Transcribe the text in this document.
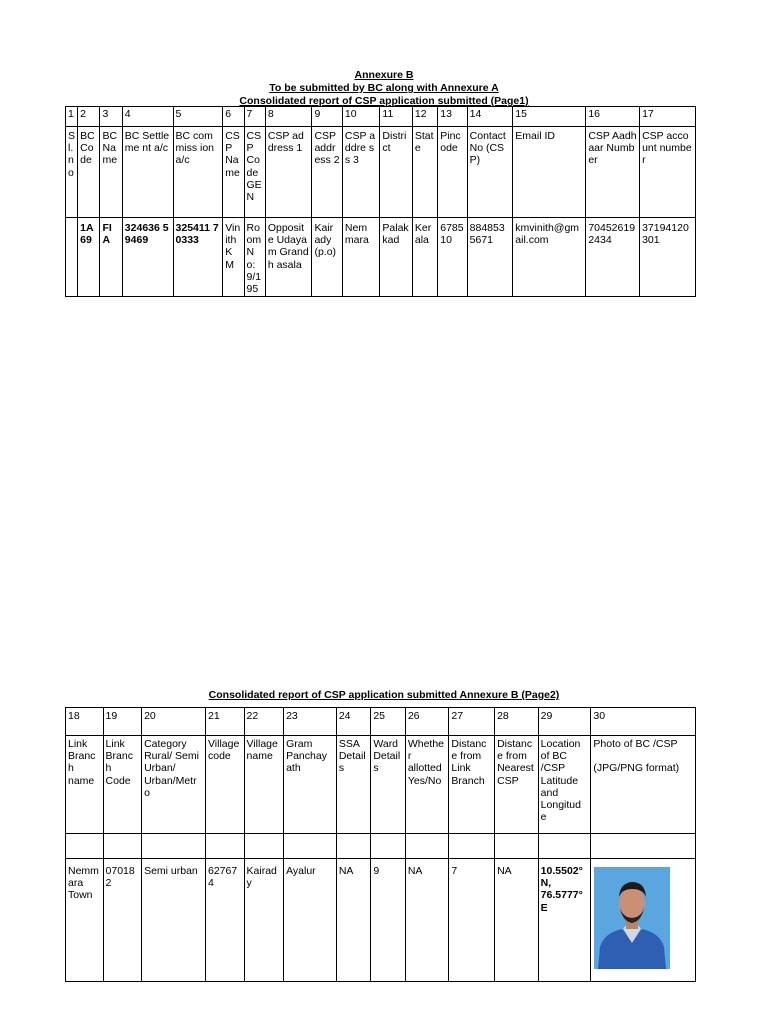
Annexure B
To be submitted by BC along with Annexure A
Consolidated report of CSP application submitted (Page1)
1	2	3	4	5	6	7	8	9	10	11	12	13	14	15	16	17
S l. n o	BC Co de	BC Na me	BC Settleme nt a/c	BC commiss ion a/c	CS P Na me	CS P Co de GE N	CSP address 1	CSP addr ess 2	CSP addre ss 3	Distri ct	Stat e	Pinc ode	Contact No (CSP)	Email ID	CSP Aadhaar Number	CSP account number
	1A 69	FI A	324636 59469	325411 70333	Vin ith K M	Ro om No: 9/1 95	Opposit e Udayam Grandh asala	Kair ady (p.o)	Nem mara	Palak kad	Ker ala	6785 10	884853 5671	kmvinith@gm ail.com	70452619 2434	37194120 301
Consolidated report of CSP application submitted Annexure B (Page2)
18	19	20	21	22	23	24	25	26	27	28	29	30
Link Branch name	Link Branc h Code	Category Rural/ Semi Urban/ Urban/Metr o	Village code	Village name	Gram Panchay ath	SSA Detail s	Ward Detail s	Whethe r allotted Yes/No	Distanc e from Link Branch	Distanc e from Nearest CSP	Location of BC /CSP Latitude and Longitud e	Photo of BC /CSP
(JPG/PNG format)

Nemm ara Town	07018 2	Semi urban	62767 4	Kairad y	Ayalur	NA	9	NA	7	NA	10.5502° N, 76.5777° E	
